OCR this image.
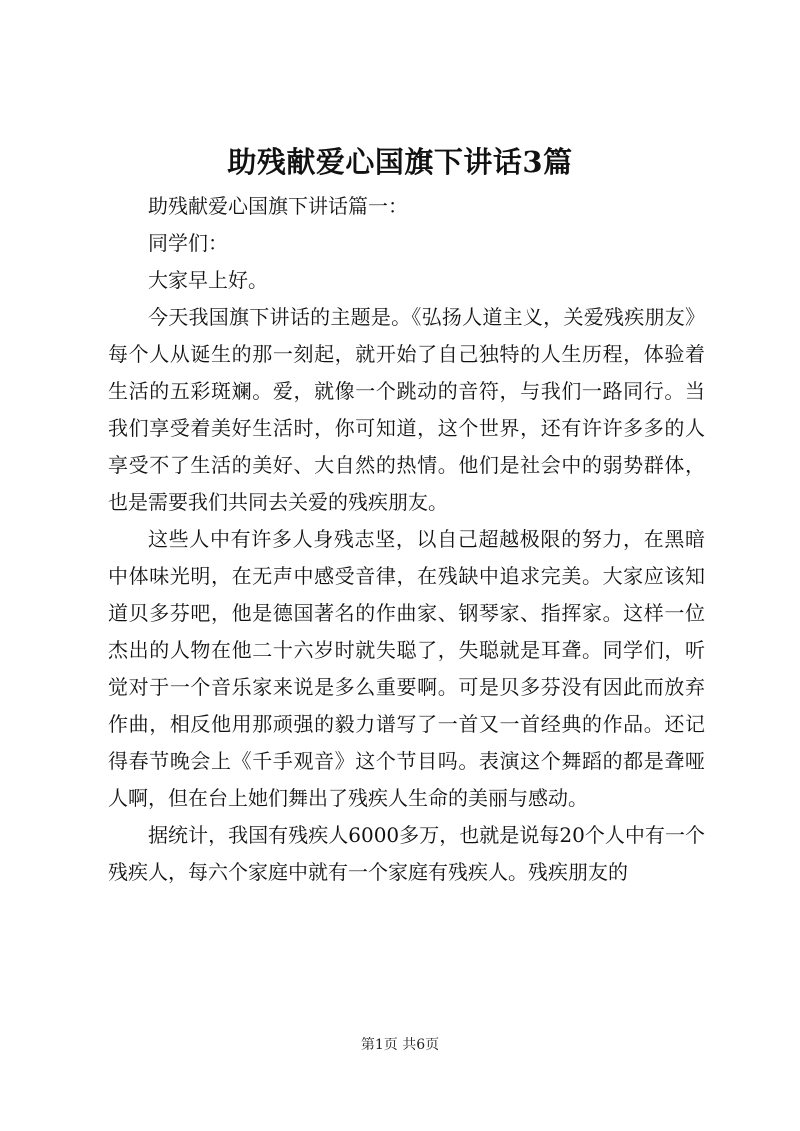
助残献爱心国旗下讲话3篇

助残献爱心国旗下讲话篇一：

同学们：

大家早上好。

今天我国旗下讲话的主题是。《弘扬人道主义，关爱残疾朋友》每个人从诞生的那一刻起，就开始了自己独特的人生历程，体验着生活的五彩斑斓。爱，就像一个跳动的音符，与我们一路同行。当我们享受着美好生活时，你可知道，这个世界，还有许许多多的人享受不了生活的美好、大自然的热情。他们是社会中的弱势群体，也是需要我们共同去关爱的残疾朋友。

这些人中有许多人身残志坚，以自己超越极限的努力，在黑暗中体味光明，在无声中感受音律，在残缺中追求完美。大家应该知道贝多芬吧，他是德国著名的作曲家、钢琴家、指挥家。这样一位杰出的人物在他二十六岁时就失聪了，失聪就是耳聋。同学们，听觉对于一个音乐家来说是多么重要啊。可是贝多芬没有因此而放弃作曲，相反他用那顽强的毅力谱写了一首又一首经典的作品。还记得春节晚会上《千手观音》这个节目吗。表演这个舞蹈的都是聋哑人啊，但在台上她们舞出了残疾人生命的美丽与感动。

据统计，我国有残疾人6000多万，也就是说每20个人中有一个残疾人，每六个家庭中就有一个家庭有残疾人。残疾朋友的

第1页 共6页
